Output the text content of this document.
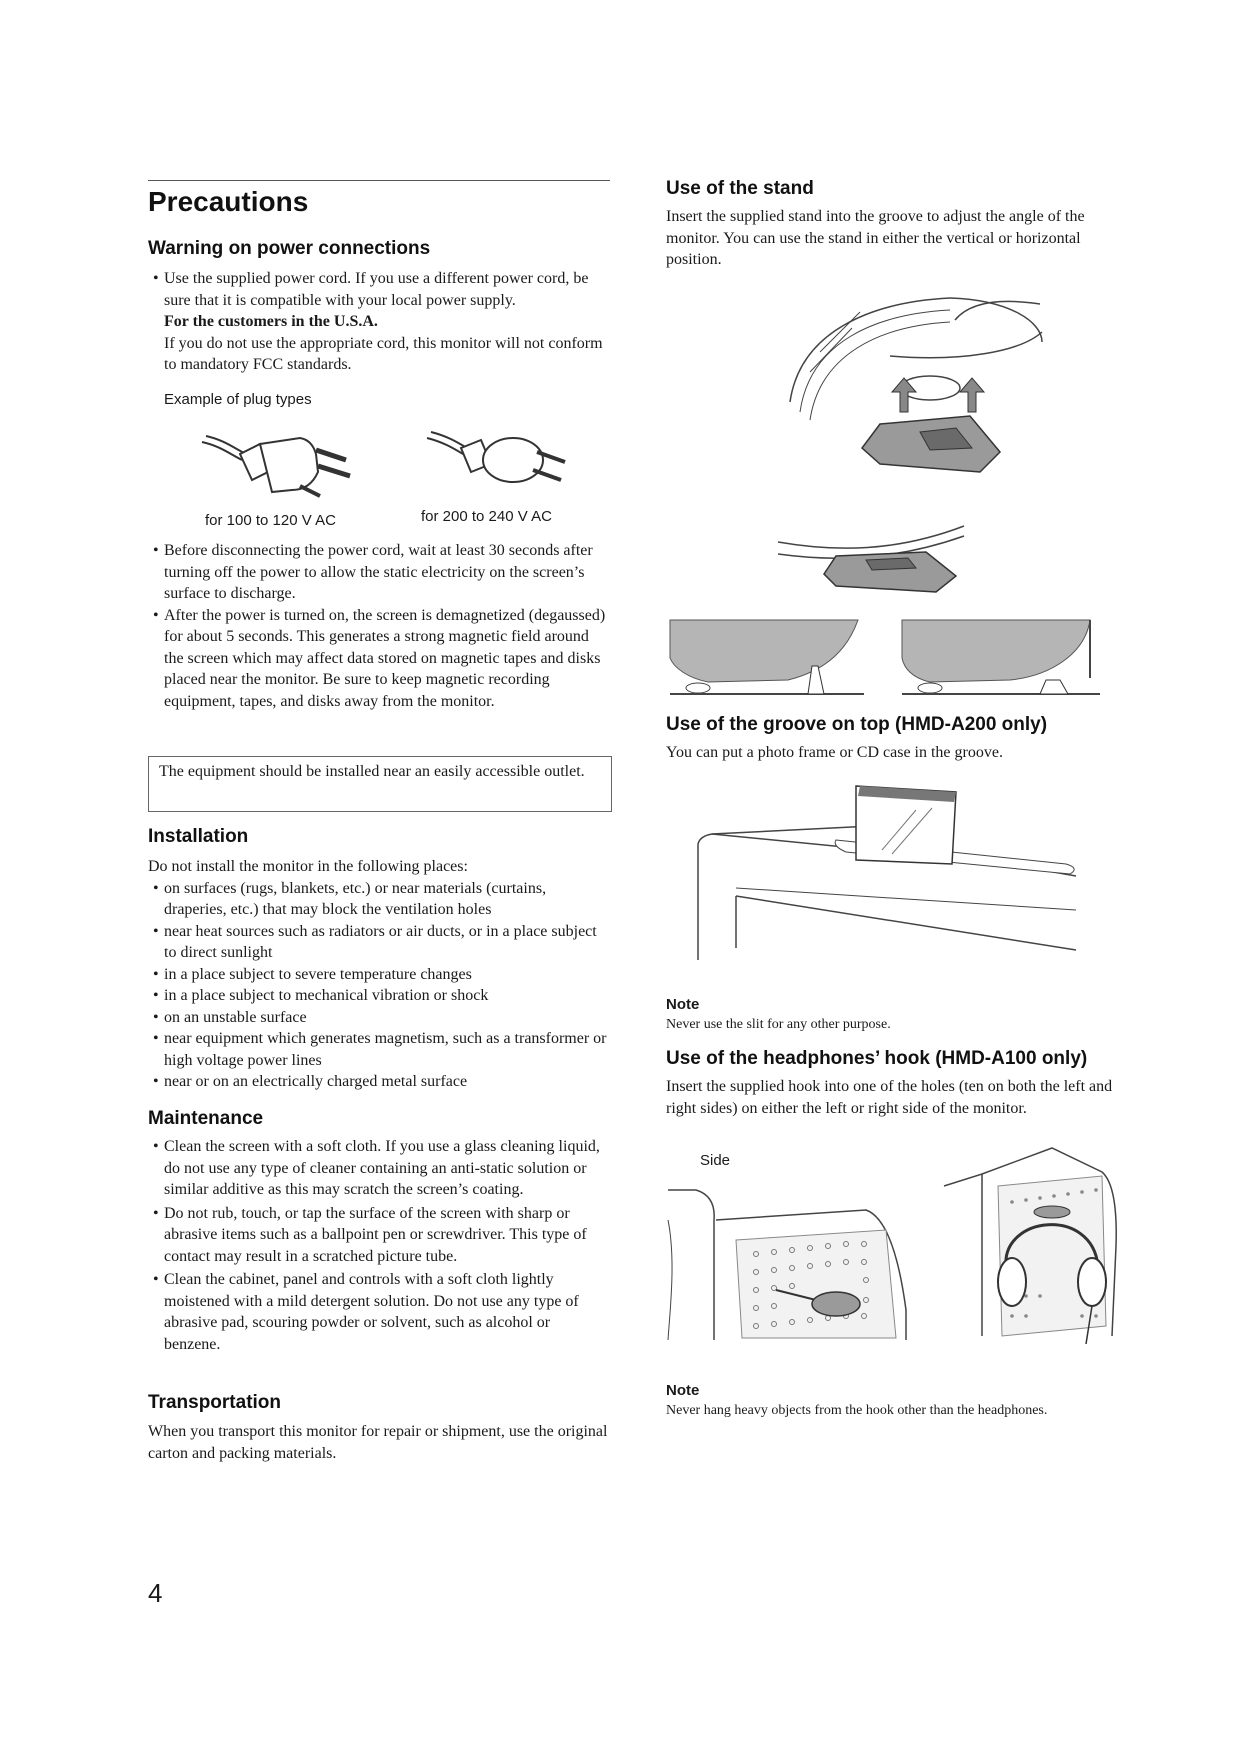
Precautions
Warning on power connections
• Use the supplied power cord. If you use a different power cord, be sure that it is compatible with your local power supply.

For the customers in the U.S.A.

If you do not use the appropriate cord, this monitor will not conform to mandatory FCC standards.

Example of plug types

for 100 to 120 V AC	for 200 to 240 V AC

• Before disconnecting the power cord, wait at least 30 seconds after turning off the power to allow the static electricity on the screen’s surface to discharge.
• After the power is turned on, the screen is demagnetized (degaussed) for about 5 seconds. This generates a strong magnetic field around the screen which may affect data stored on magnetic tapes and disks placed near the monitor. Be sure to keep magnetic recording equipment, tapes, and disks away from the monitor.

The equipment should be installed near an easily accessible outlet.

Installation

Do not install the monitor in the following places:

• on surfaces (rugs, blankets, etc.) or near materials (curtains, draperies, etc.) that may block the ventilation holes
• near heat sources such as radiators or air ducts, or in a place subject to direct sunlight
• in a place subject to severe temperature changes
• in a place subject to mechanical vibration or shock
• on an unstable surface
• near equipment which generates magnetism, such as a transformer or high voltage power lines
• near or on an electrically charged metal surface
Maintenance
• Clean the screen with a soft cloth. If you use a glass cleaning liquid, do not use any type of cleaner containing an anti-static solution or similar additive as this may scratch the screen’s coating.
• Do not rub, touch, or tap the surface of the screen with sharp or abrasive items such as a ballpoint pen or screwdriver. This type of contact may result in a scratched picture tube.
• Clean the cabinet, panel and controls with a soft cloth lightly moistened with a mild detergent solution. Do not use any type of abrasive pad, scouring powder or solvent, such as alcohol or benzene.
Transportation

When you transport this monitor for repair or shipment, use the original carton and packing materials.

4
Use of the stand

Insert the supplied stand into the groove to adjust the angle of the monitor. You can use the stand in either the vertical or horizontal position.

Use of the groove on top (HMD-A200 only)

You can put a photo frame or CD case in the groove.

Note

Never use the slit for any other purpose.

Use of the headphones’ hook (HMD-A100 only)

Insert the supplied hook into one of the holes (ten on both the left and right sides) on either the left or right side of the monitor.

Side

Note

Never hang heavy objects from the hook other than the headphones.
